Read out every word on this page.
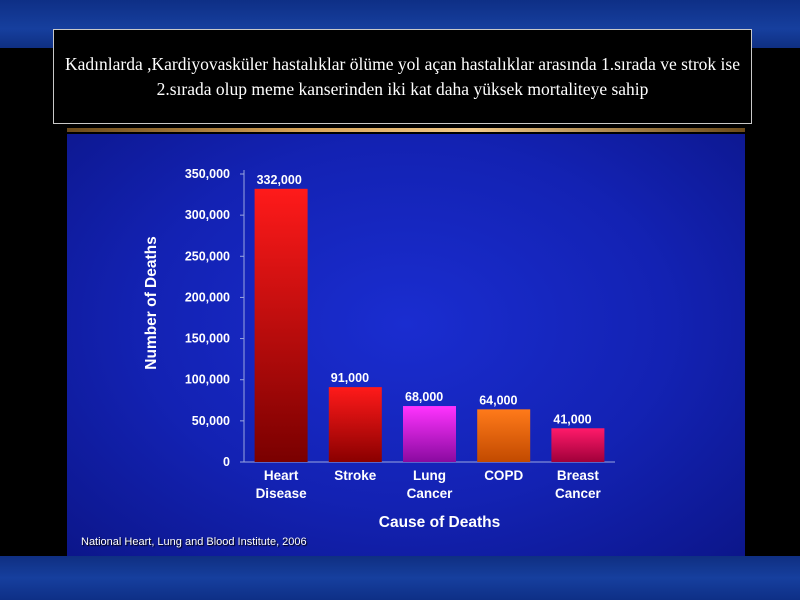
Kadınlarda ,Kardiyovasküler hastalıklar ölüme yol açan hastalıklar arasında 1.sırada ve strok ise 2.sırada olup meme kanserinden iki kat daha yüksek mortaliteye sahip
0
50,000
100,000
150,000
200,000
250,000
300,000
350,000 332,000
Heart
Disease
91,000
Stroke
68,000
Lung
Cancer
64,000
COPD
41,000
Breast
Cancer
Cause of Deaths
Number of Deaths
National Heart, Lung and Blood Institute, 2006
